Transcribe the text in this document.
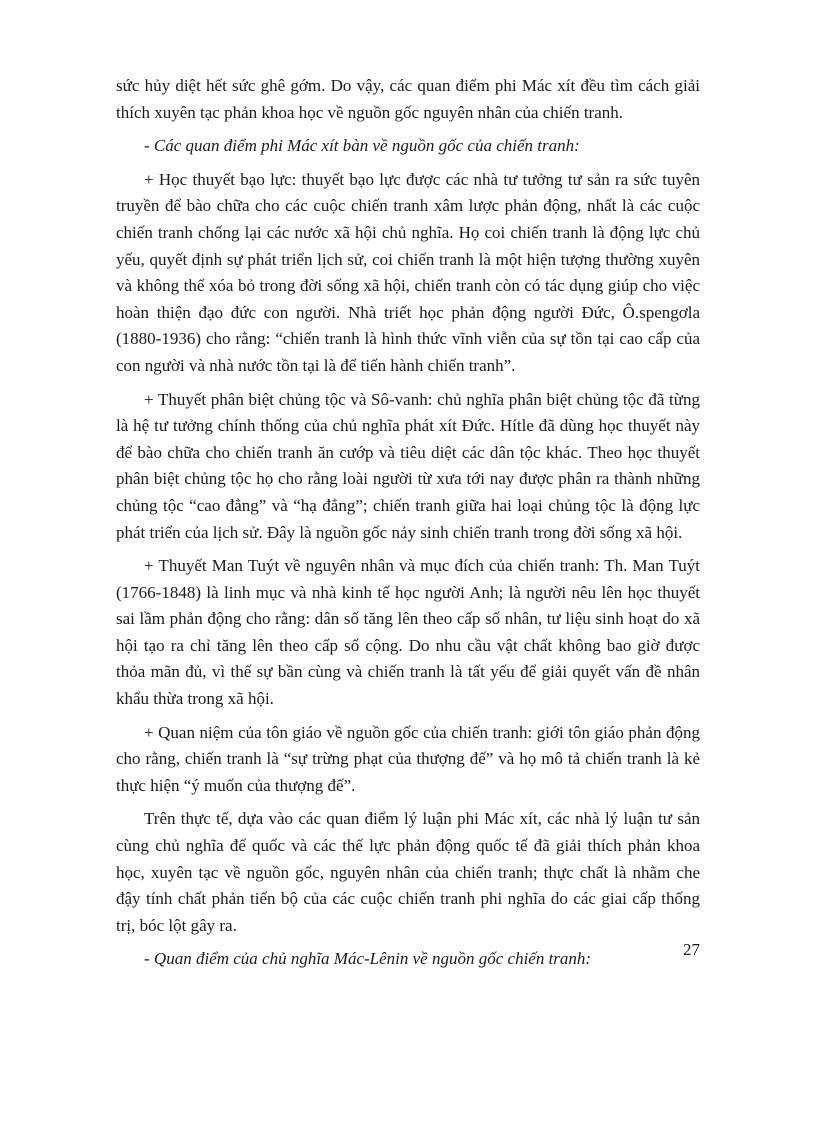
sức hủy diệt hết sức ghê gớm. Do vậy, các quan điểm phi Mác xít đều tìm cách giải thích xuyên tạc phản khoa học về nguồn gốc nguyên nhân của chiến tranh.

- Các quan điểm phi Mác xít bàn về nguồn gốc của chiến tranh:

+ Học thuyết bạo lực: thuyết bạo lực được các nhà tư tưởng tư sản ra sức tuyên truyền để bào chữa cho các cuộc chiến tranh xâm lược phản động, nhất là các cuộc chiến tranh chống lại các nước xã hội chủ nghĩa. Họ coi chiến tranh là động lực chủ yếu, quyết định sự phát triển lịch sử, coi chiến tranh là một hiện tượng thường xuyên và không thể xóa bỏ trong đời sống xã hội, chiến tranh còn có tác dụng giúp cho việc hoàn thiện đạo đức con người. Nhà triết học phản động người Đức, Ô.spengơla (1880-1936) cho rằng: “chiến tranh là hình thức vĩnh viễn của sự tồn tại cao cấp của con người và nhà nước tồn tại là để tiến hành chiến tranh”.

+ Thuyết phân biệt chủng tộc và Sô-vanh: chủ nghĩa phân biệt chủng tộc đã từng là hệ tư tưởng chính thống của chủ nghĩa phát xít Đức. Hítle đã dùng học thuyết này để bào chữa cho chiến tranh ăn cướp và tiêu diệt các dân tộc khác. Theo học thuyết phân biệt chủng tộc họ cho rằng loài người từ xưa tới nay được phân ra thành những chủng tộc “cao đẳng” và “hạ đẳng”; chiến tranh giữa hai loại chủng tộc là động lực phát triển của lịch sử. Đây là nguồn gốc nảy sinh chiến tranh trong đời sống xã hội.

+ Thuyết Man Tuýt về nguyên nhân và mục đích của chiến tranh: Th. Man Tuýt (1766-1848) là linh mục và nhà kinh tế học người Anh; là người nêu lên học thuyết sai lầm phản động cho rằng: dân số tăng lên theo cấp số nhân, tư liệu sinh hoạt do xã hội tạo ra chỉ tăng lên theo cấp số cộng. Do nhu cầu vật chất không bao giờ được thỏa mãn đủ, vì thế sự bần cùng và chiến tranh là tất yếu để giải quyết vấn đề nhân khẩu thừa trong xã hội.

+ Quan niệm của tôn giáo về nguồn gốc của chiến tranh: giới tôn giáo phản động cho rằng, chiến tranh là “sự trừng phạt của thượng đế” và họ mô tả chiến tranh là kẻ thực hiện “ý muốn của thượng đế”.

Trên thực tế, dựa vào các quan điểm lý luận phi Mác xít, các nhà lý luận tư sản cùng chủ nghĩa đế quốc và các thế lực phản động quốc tế đã giải thích phản khoa học, xuyên tạc về nguồn gốc, nguyên nhân của chiến tranh; thực chất là nhằm che đậy tính chất phản tiến bộ của các cuộc chiến tranh phi nghĩa do các giai cấp thống trị, bóc lột gây ra.

- Quan điểm của chủ nghĩa Mác-Lênin về nguồn gốc chiến tranh:	27
